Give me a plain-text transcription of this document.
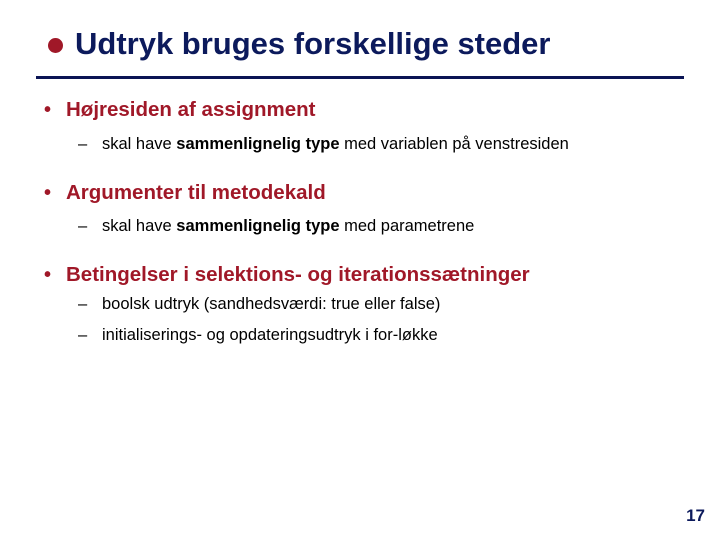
Udtryk bruges forskellige steder
• Højresiden af assignment
– skal have sammenlignelig type med variablen på venstresiden
• Argumenter til metodekald
– skal have sammenlignelig type med parametrene
• Betingelser i selektions- og iterationssætninger
– boolsk udtryk (sandhedsværdi: true eller false)
– initialiserings- og opdateringsudtryk i for-løkke
17
